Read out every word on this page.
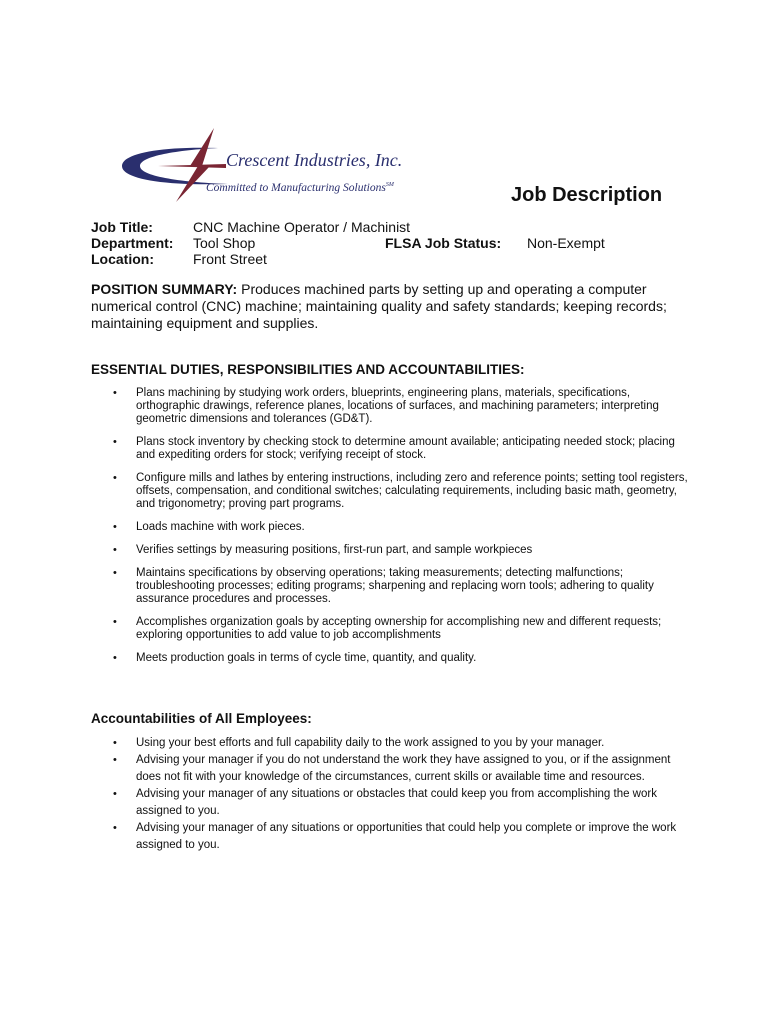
Crescent Industries, Inc.
Committed to Manufacturing Solutions℠	Job Description
Job Title:	CNC Machine Operator / Machinist
Department: Tool Shop	FLSA Job Status: Non-Exempt
Location:	Front Street
POSITION SUMMARY: Produces machined parts by setting up and operating a computer numerical control (CNC) machine; maintaining quality and safety standards; keeping records; maintaining equipment and supplies.
ESSENTIAL DUTIES, RESPONSIBILITIES AND ACCOUNTABILITIES:
• Plans machining by studying work orders, blueprints, engineering plans, materials, specifications, orthographic drawings, reference planes, locations of surfaces, and machining parameters; interpreting geometric dimensions and tolerances (GD&T).
• Plans stock inventory by checking stock to determine amount available; anticipating needed stock; placing and expediting orders for stock; verifying receipt of stock.
• Configure mills and lathes by entering instructions, including zero and reference points; setting tool registers, offsets, compensation, and conditional switches; calculating requirements, including basic math, geometry, and trigonometry; proving part programs.
• Loads machine with work pieces.
• Verifies settings by measuring positions, first-run part, and sample workpieces
• Maintains specifications by observing operations; taking measurements; detecting malfunctions; troubleshooting processes; editing programs; sharpening and replacing worn tools; adhering to quality assurance procedures and processes.
• Accomplishes organization goals by accepting ownership for accomplishing new and different requests; exploring opportunities to add value to job accomplishments
• Meets production goals in terms of cycle time, quantity, and quality.
Accountabilities of All Employees:
• Using your best efforts and full capability daily to the work assigned to you by your manager.
• Advising your manager if you do not understand the work they have assigned to you, or if the assignment does not fit with your knowledge of the circumstances, current skills or available time and resources.
• Advising your manager of any situations or obstacles that could keep you from accomplishing the work assigned to you.
• Advising your manager of any situations or opportunities that could help you complete or improve the work assigned to you.
